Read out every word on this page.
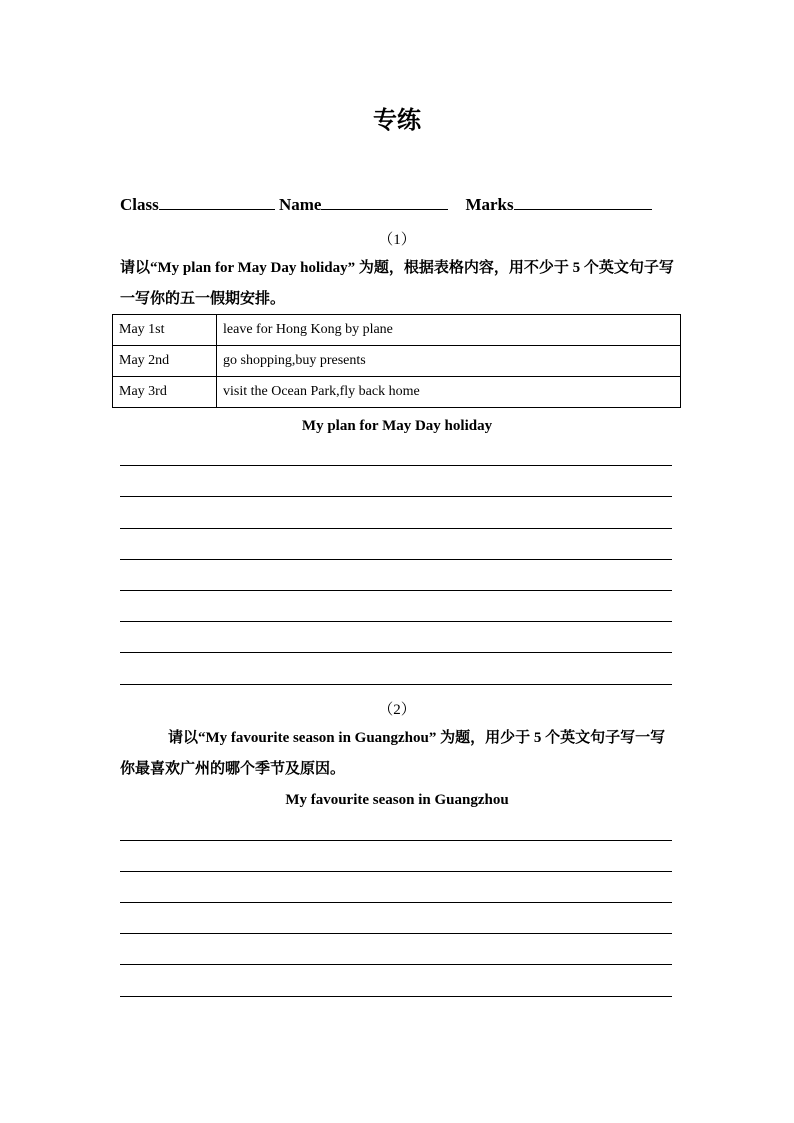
专练
Class	Name	Marks
（1）
请以“My plan for May Day holiday” 为题，根据表格内容，用不少于 5 个英文句子写一写你的五一假期安排。
May 1st	leave for Hong Kong by plane
May 2nd	go shopping,buy presents
May 3rd	visit the Ocean Park,fly back home
My plan for May Day holiday
（2）
请以“My favourite season in Guangzhou” 为题，用少于 5 个英文句子写一写你最喜欢广州的哪个季节及原因。
My favourite season in Guangzhou
